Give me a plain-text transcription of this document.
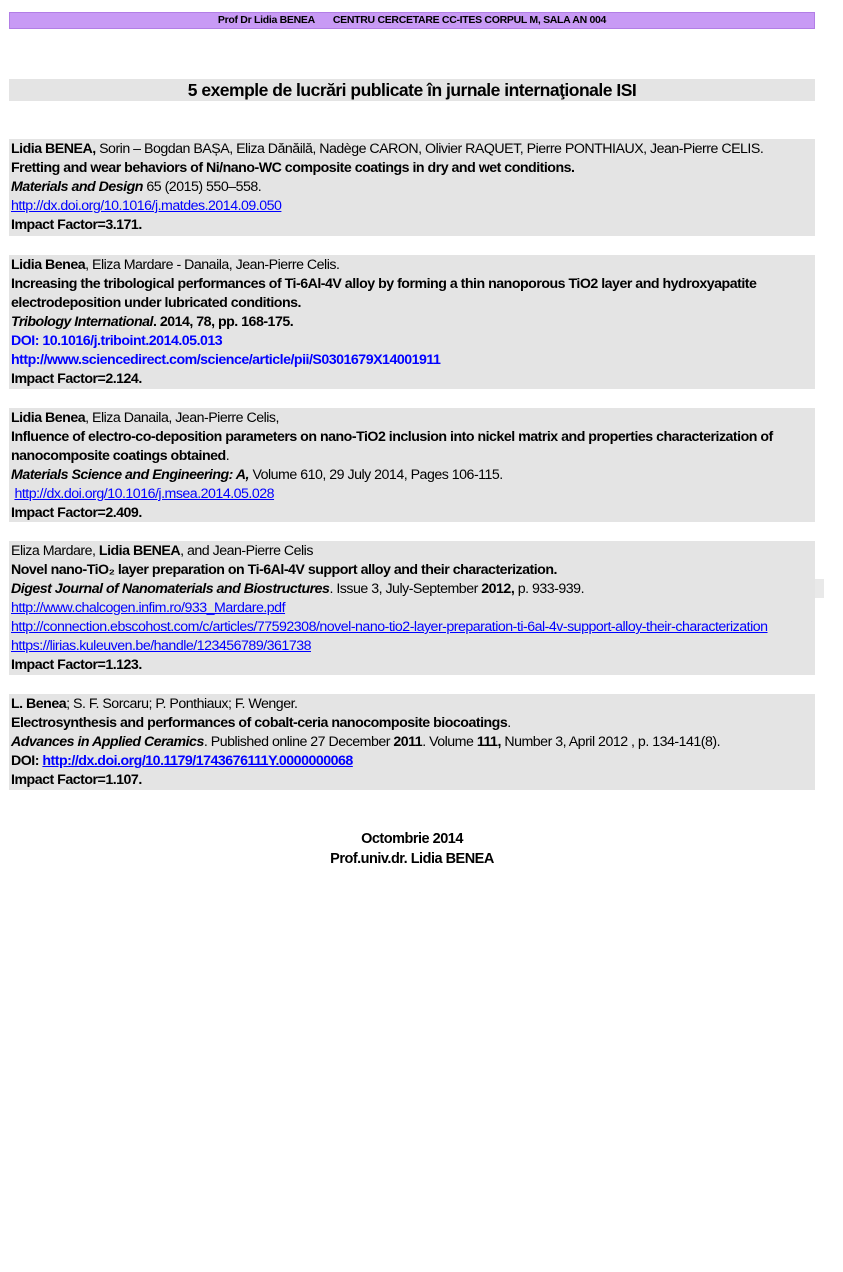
Prof Dr Lidia BENEA CENTRU CERCETARE CC-ITES CORPUL M, SALA AN 004
5 exemple de lucrări publicate în jurnale internaţionale ISI
Lidia BENEA, Sorin – Bogdan BAȘA, Eliza Dănăilă, Nadège CARON, Olivier RAQUET, Pierre PONTHIAUX, Jean-Pierre CELIS.
Fretting and wear behaviors of Ni/nano-WC composite coatings in dry and wet conditions.
Materials and Design 65 (2015) 550–558.
http://dx.doi.org/10.1016/j.matdes.2014.09.050
Impact Factor=3.171.
Lidia Benea, Eliza Mardare - Danaila, Jean-Pierre Celis.
Increasing the tribological performances of Ti-6Al-4V alloy by forming a thin nanoporous TiO2 layer and hydroxyapatite
electrodeposition under lubricated conditions.
Tribology International. 2014, 78, pp. 168-175.
DOI: 10.1016/j.triboint.2014.05.013
http://www.sciencedirect.com/science/article/pii/S0301679X14001911
Impact Factor=2.124.
Lidia Benea, Eliza Danaila, Jean-Pierre Celis,
Influence of electro-co-deposition parameters on nano-TiO2 inclusion into nickel matrix and properties characterization of
nanocomposite coatings obtained.
Materials Science and Engineering: A, Volume 610, 29 July 2014, Pages 106-115.
http://dx.doi.org/10.1016/j.msea.2014.05.028
Impact Factor=2.409.
Eliza Mardare, Lidia BENEA, and Jean-Pierre Celis
Novel nano-TiO₂ layer preparation on Ti-6Al-4V support alloy and their characterization.
Digest Journal of Nanomaterials and Biostructures. Issue 3, July-September 2012, p. 933-939.
http://www.chalcogen.infim.ro/933_Mardare.pdf
http://connection.ebscohost.com/c/articles/77592308/novel-nano-tio2-layer-preparation-ti-6al-4v-support-alloy-their-characterization
https://lirias.kuleuven.be/handle/123456789/361738
Impact Factor=1.123.
L. Benea; S. F. Sorcaru; P. Ponthiaux; F. Wenger.
Electrosynthesis and performances of cobalt-ceria nanocomposite biocoatings.
Advances in Applied Ceramics. Published online 27 December 2011. Volume 111, Number 3, April 2012 , p. 134-141(8).
DOI: http://dx.doi.org/10.1179/1743676111Y.0000000068
Impact Factor=1.107.
Octombrie 2014
Prof.univ.dr. Lidia BENEA
